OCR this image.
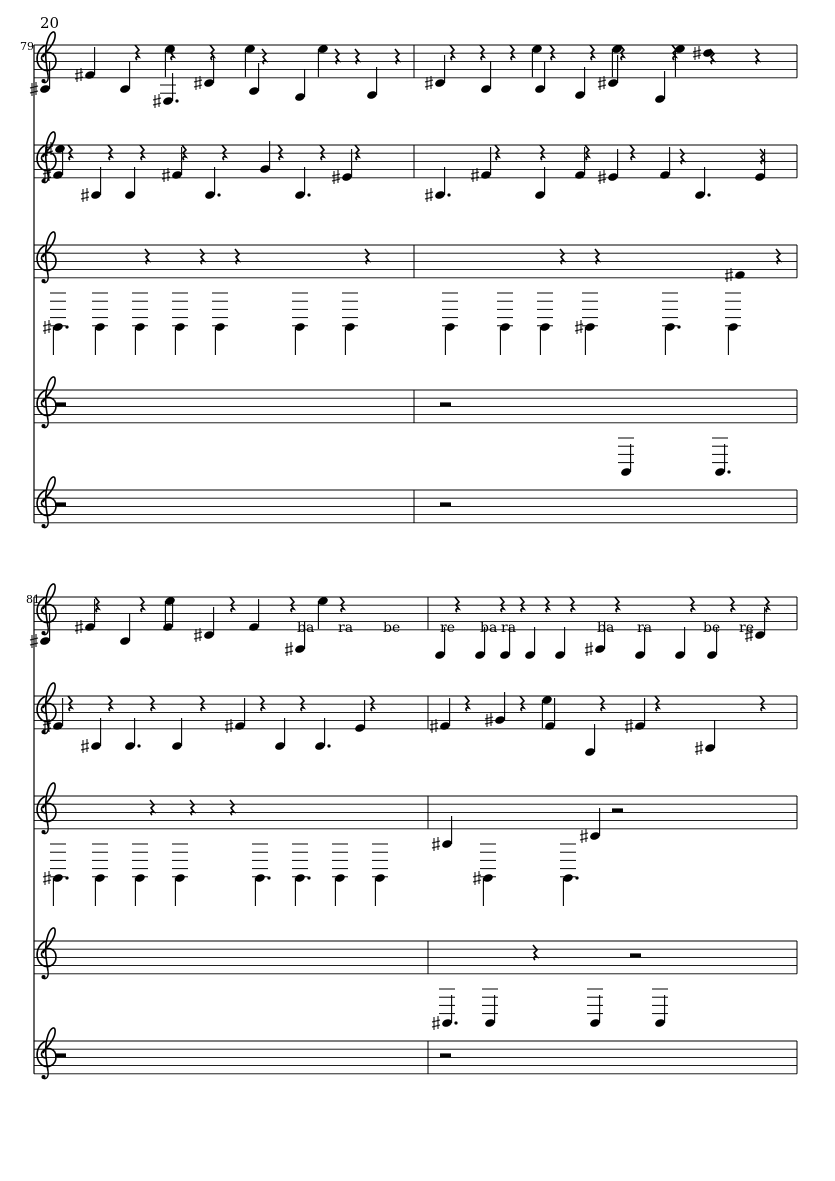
20
79
81
ba ra be	re ba ra	ba ra	be re
